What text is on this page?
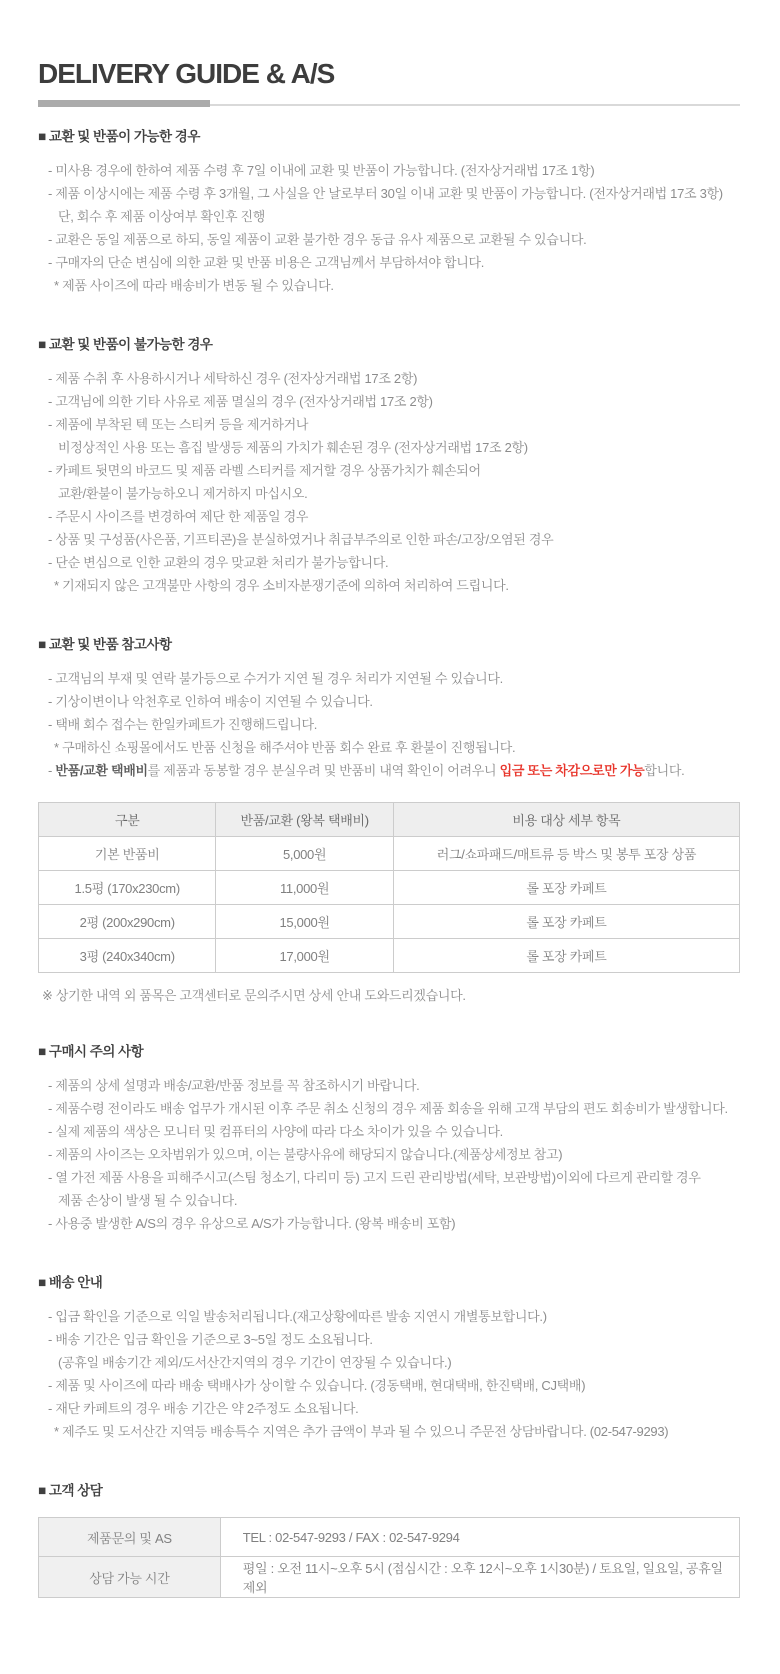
DELIVERY GUIDE & A/S
■ 교환 및 반품이 가능한 경우

- 미사용 경우에 한하여 제품 수령 후 7일 이내에 교환 및 반품이 가능합니다. (전자상거래법 17조 1항)

- 제품 이상시에는 제품 수령 후 3개월, 그 사실을 안 날로부터 30일 이내 교환 및 반품이 가능합니다. (전자상거래법 17조 3항)

단, 회수 후 제품 이상여부 확인후 진행

- 교환은 동일 제품으로 하되, 동일 제품이 교환 불가한 경우 동급 유사 제품으로 교환될 수 있습니다.

- 구매자의 단순 변심에 의한 교환 및 반품 비용은 고객님께서 부담하셔야 합니다.

* 제품 사이즈에 따라 배송비가 변동 될 수 있습니다.

■ 교환 및 반품이 불가능한 경우

- 제품 수취 후 사용하시거나 세탁하신 경우 (전자상거래법 17조 2항)

- 고객님에 의한 기타 사유로 제품 멸실의 경우 (전자상거래법 17조 2항)

- 제품에 부착된 텍 또는 스티커 등을 제거하거나

비정상적인 사용 또는 흠집 발생등 제품의 가치가 훼손된 경우 (전자상거래법 17조 2항)

- 카페트 뒷면의 바코드 및 제품 라벨 스티커를 제거할 경우 상품가치가 훼손되어

교환/환불이 불가능하오니 제거하지 마십시오.

- 주문시 사이즈를 변경하여 제단 한 제품일 경우

- 상품 및 구성품(사은품, 기프티콘)을 분실하였거나 취급부주의로 인한 파손/고장/오염된 경우

- 단순 변심으로 인한 교환의 경우 맞교환 처리가 불가능합니다.

* 기재되지 않은 고객불만 사항의 경우 소비자분쟁기준에 의하여 처리하여 드립니다.

■ 교환 및 반품 참고사항

- 고객님의 부재 및 연락 불가등으로 수거가 지연 될 경우 처리가 지연될 수 있습니다.

- 기상이변이나 악천후로 인하여 배송이 지연될 수 있습니다.

- 택배 회수 접수는 한일카페트가 진행해드립니다.

* 구매하신 쇼핑몰에서도 반품 신청을 해주셔야 반품 회수 완료 후 환불이 진행됩니다.

- 반품/교환 택배비를 제품과 동봉할 경우 분실우려 및 반품비 내역 확인이 어려우니 입금 또는 차감으로만 가능합니다.

구분	반품/교환 (왕복 택배비)	비용 대상 세부 항목
기본 반품비	5,000원	러그/쇼파패드/매트류 등 박스 및 봉투 포장 상품
1.5평 (170x230cm)	11,000원	롤 포장 카페트
2평 (200x290cm)	15,000원	롤 포장 카페트
3평 (240x340cm)	17,000원	롤 포장 카페트

※ 상기한 내역 외 품목은 고객센터로 문의주시면 상세 안내 도와드리겠습니다.

■ 구매시 주의 사항

- 제품의 상세 설명과 배송/교환/반품 정보를 꼭 참조하시기 바랍니다.

- 제품수령 전이라도 배송 업무가 개시된 이후 주문 취소 신청의 경우 제품 회송을 위해 고객 부담의 편도 회송비가 발생합니다.

- 실제 제품의 색상은 모니터 및 컴퓨터의 사양에 따라 다소 차이가 있을 수 있습니다.

- 제품의 사이즈는 오차범위가 있으며, 이는 불량사유에 해당되지 않습니다.(제품상세정보 참고)

- 열 가전 제품 사용을 피해주시고(스팀 청소기, 다리미 등) 고지 드린 관리방법(세탁, 보관방법)이외에 다르게 관리할 경우

제품 손상이 발생 될 수 있습니다.

- 사용중 발생한 A/S의 경우 유상으로 A/S가 가능합니다. (왕복 배송비 포함)

■ 배송 안내

- 입금 확인을 기준으로 익일 발송처리됩니다.(재고상황에따른 발송 지연시 개별통보합니다.)

- 배송 기간은 입금 확인을 기준으로 3~5일 정도 소요됩니다.

(공휴일 배송기간 제외/도서산간지역의 경우 기간이 연장될 수 있습니다.)

- 제품 및 사이즈에 따라 배송 택배사가 상이할 수 있습니다. (경동택배, 현대택배, 한진택배, CJ택배)

- 재단 카페트의 경우 배송 기간은 약 2주정도 소요됩니다.

* 제주도 및 도서산간 지역등 배송특수 지역은 추가 금액이 부과 될 수 있으니 주문전 상담바랍니다. (02-547-9293)

■ 고객 상담
제품문의 및 AS	TEL : 02-547-9293 / FAX : 02-547-9294
상담 가능 시간	평일 : 오전 11시~오후 5시 (점심시간 : 오후 12시~오후 1시30분) / 토요일, 일요일, 공휴일 제외
